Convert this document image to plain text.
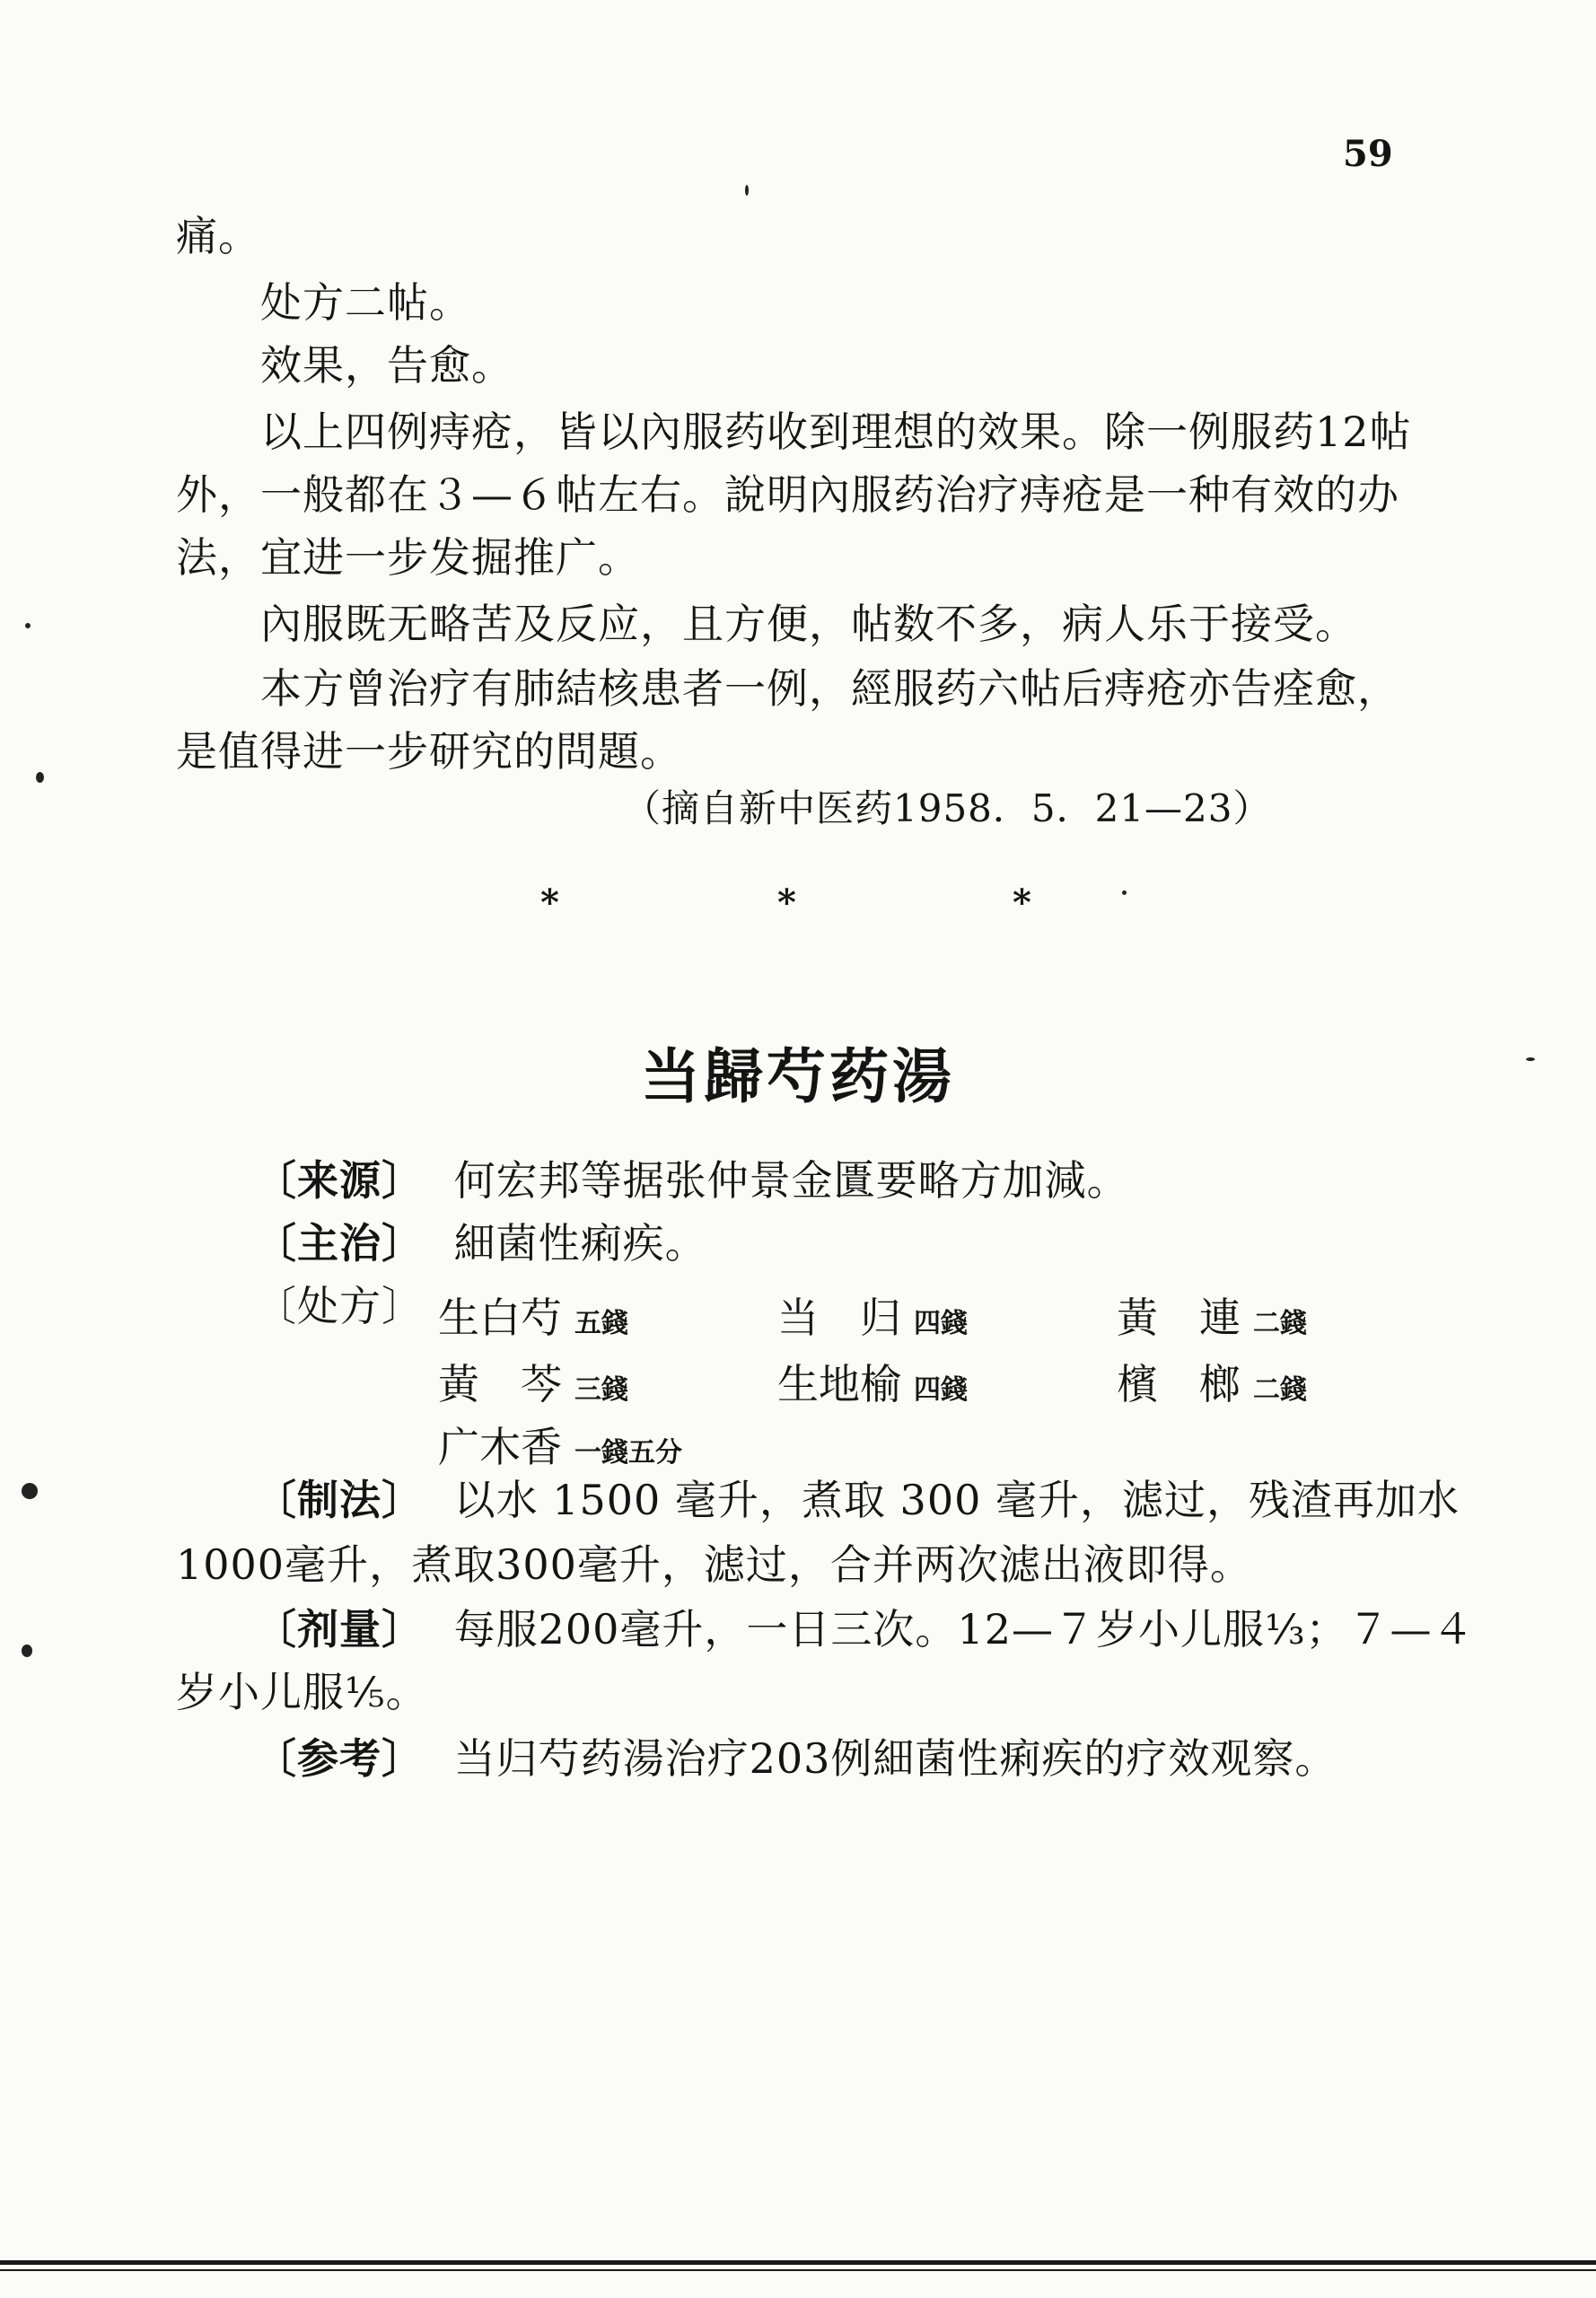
59
痛。
处方二帖。
效果，告愈。
以上四例痔疮，皆以內服药收到理想的效果。除一例服药12帖
外，一般都在３—６帖左右。說明內服药治疗痔疮是一种有效的办
法，宜进一步发掘推广。
內服既无略苦及反应，且方便，帖数不多，病人乐于接受。
本方曾治疗有肺結核患者一例，經服药六帖后痔疮亦告痊愈，
是值得进一步研究的問題。
（摘自新中医药1958．5．21—23）
*	*	*
当歸芍药湯
〔来源〕 何宏邦等据张仲景金匱要略方加減。
〔主治〕 細菌性痢疾。
〔处方〕 生白芍 五錢	当　归 四錢	黃　連 二錢
黃　芩 三錢	生地榆 四錢	檳　榔 二錢
广木香 一錢五分
〔制法〕 以水 1500 毫升，煮取 300 毫升，滤过，残渣再加水
1000毫升，煮取300毫升，滤过，合并两次滤出液即得。
〔剂量〕 每服200毫升，一日三次。12—７岁小儿服⅓；７—４
岁小儿服⅕。
〔参考〕 当归芍药湯治疗203例細菌性痢疾的疗效观察。
